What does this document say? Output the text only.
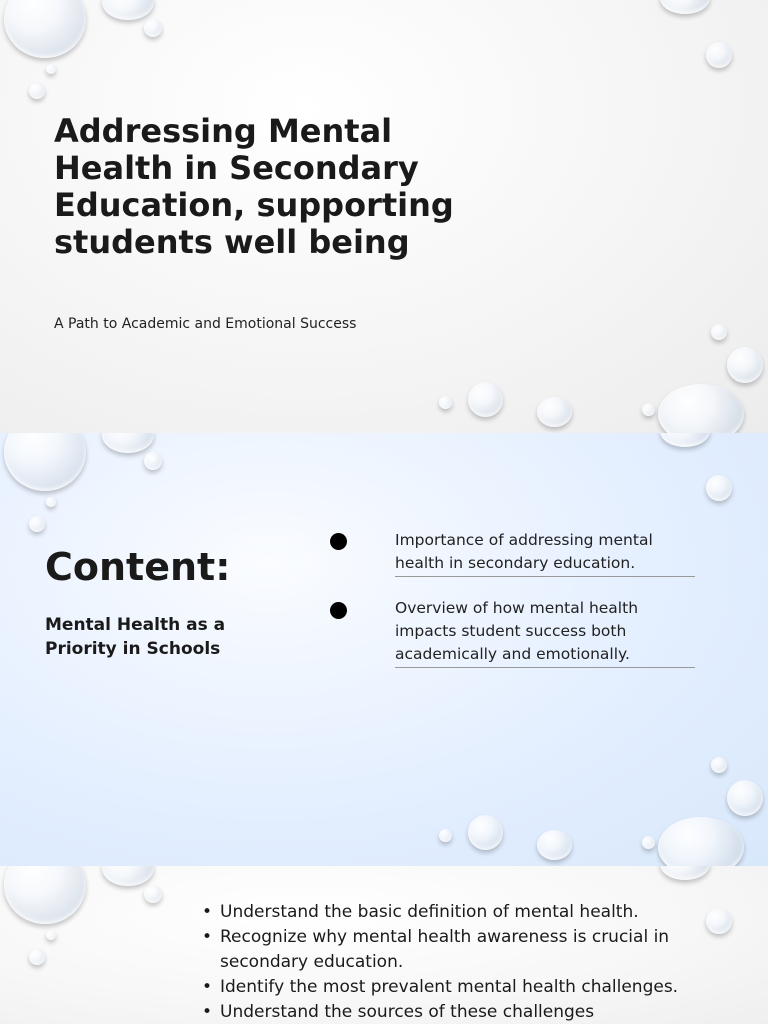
Addressing Mental Health in Secondary Education, supporting students well being

A Path to Academic and Emotional Success

Content:

Mental Health as a Priority in Schools

Importance of addressing mental health in secondary education.

Overview of how mental health impacts student success both academically and emotionally.

• Understand the basic definition of mental health.
• Recognize why mental health awareness is crucial in secondary education.
• Identify the most prevalent mental health challenges.
• Understand the sources of these challenges
